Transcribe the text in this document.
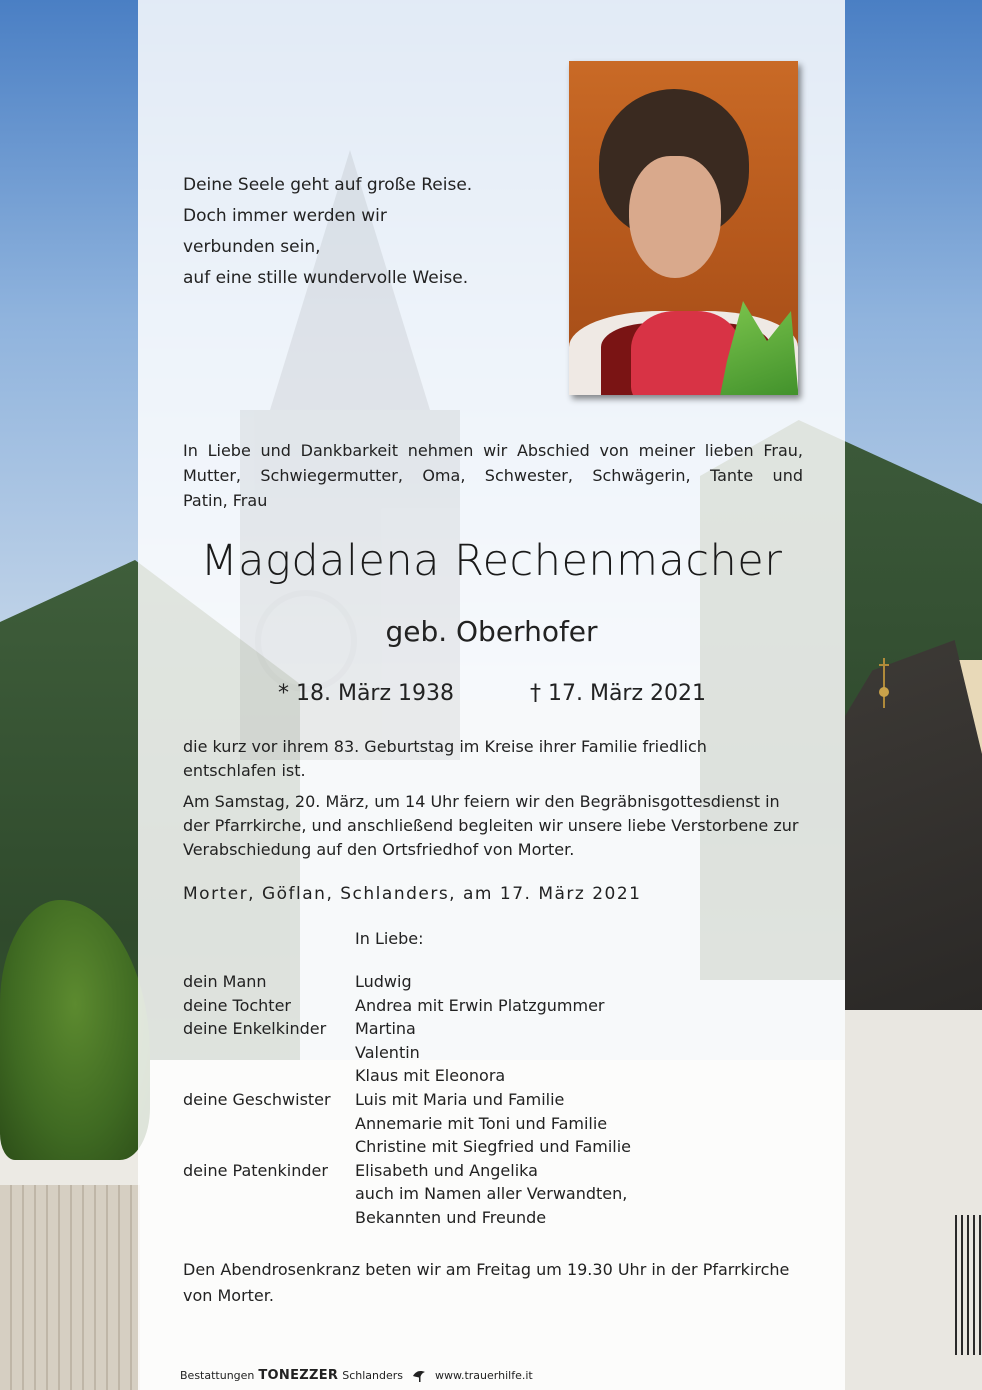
Deine Seele geht auf große Reise.
Doch immer werden wir
verbunden sein,
auf eine stille wundervolle Weise.
In Liebe und Dankbarkeit nehmen wir Abschied von meiner lieben Frau,
Mutter, Schwiegermutter, Oma, Schwester, Schwägerin, Tante und
Patin, Frau
Magdalena Rechenmacher
geb. Oberhofer
* 18. März 1938	† 17. März 2021
die kurz vor ihrem 83. Geburtstag im Kreise ihrer Familie friedlich entschlafen ist.
Am Samstag, 20. März, um 14 Uhr feiern wir den Begräbnisgottesdienst in der Pfarrkirche, und anschließend begleiten wir unsere liebe Verstorbene zur Verabschiedung auf den Ortsfriedhof von Morter.
Morter, Göflan, Schlanders, am 17. März 2021
In Liebe:
dein Mann	Ludwig
deine Tochter	Andrea mit Erwin Platzgummer
deine Enkelkinder	Martina
Valentin
Klaus mit Eleonora
deine Geschwister	Luis mit Maria und Familie
Annemarie mit Toni und Familie
Christine mit Siegfried und Familie
deine Patenkinder	Elisabeth und Angelika
auch im Namen aller Verwandten,
Bekannten und Freunde
Den Abendrosenkranz beten wir am Freitag um 19.30 Uhr in der Pfarrkirche von Morter.
Bestattungen TONEZZER Schlanders	www.trauerhilfe.it
